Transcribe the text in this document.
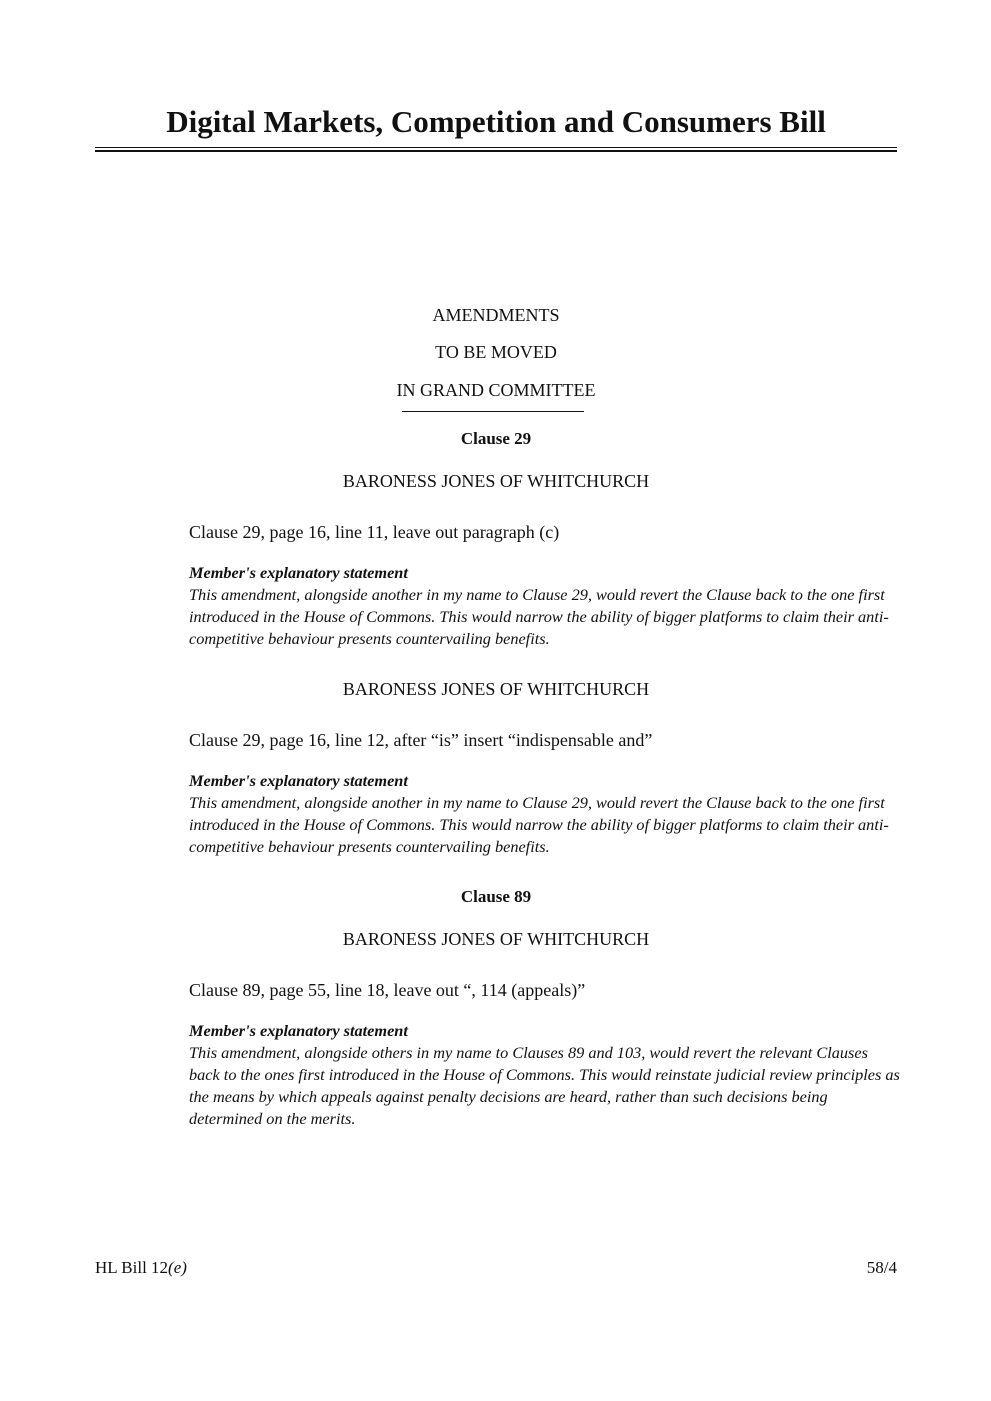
Digital Markets, Competition and Consumers Bill
AMENDMENTS
TO BE MOVED
IN GRAND COMMITTEE
Clause 29
BARONESS JONES OF WHITCHURCH
Clause 29, page 16, line 11, leave out paragraph (c)
Member's explanatory statement
This amendment, alongside another in my name to Clause 29, would revert the Clause back to the one first introduced in the House of Commons. This would narrow the ability of bigger platforms to claim their anti-competitive behaviour presents countervailing benefits.
BARONESS JONES OF WHITCHURCH
Clause 29, page 16, line 12, after “is” insert “indispensable and”
Member's explanatory statement
This amendment, alongside another in my name to Clause 29, would revert the Clause back to the one first introduced in the House of Commons. This would narrow the ability of bigger platforms to claim their anti-competitive behaviour presents countervailing benefits.
Clause 89
BARONESS JONES OF WHITCHURCH
Clause 89, page 55, line 18, leave out “, 114 (appeals)”
Member's explanatory statement
This amendment, alongside others in my name to Clauses 89 and 103, would revert the relevant Clauses back to the ones first introduced in the House of Commons. This would reinstate judicial review principles as the means by which appeals against penalty decisions are heard, rather than such decisions being determined on the merits.
HL Bill 12(e)	58/4
